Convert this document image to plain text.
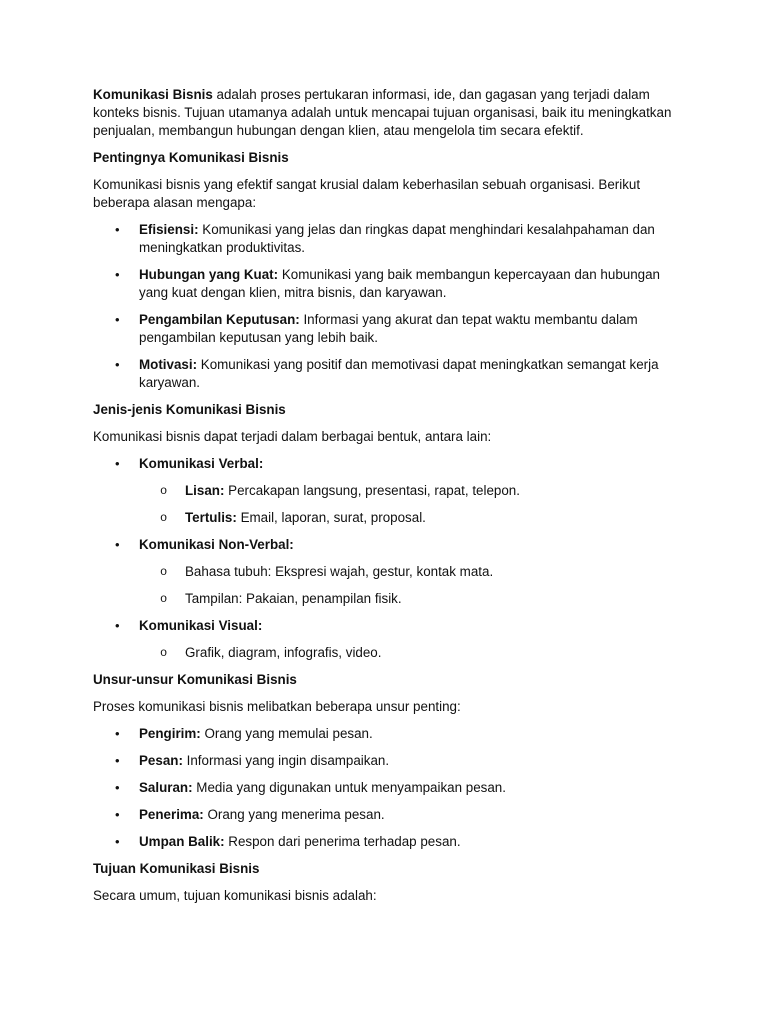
Komunikasi Bisnis adalah proses pertukaran informasi, ide, dan gagasan yang terjadi dalam konteks bisnis. Tujuan utamanya adalah untuk mencapai tujuan organisasi, baik itu meningkatkan penjualan, membangun hubungan dengan klien, atau mengelola tim secara efektif.

Pentingnya Komunikasi Bisnis

Komunikasi bisnis yang efektif sangat krusial dalam keberhasilan sebuah organisasi. Berikut beberapa alasan mengapa:

• Efisiensi: Komunikasi yang jelas dan ringkas dapat menghindari kesalahpahaman dan meningkatkan produktivitas.
• Hubungan yang Kuat: Komunikasi yang baik membangun kepercayaan dan hubungan yang kuat dengan klien, mitra bisnis, dan karyawan.
• Pengambilan Keputusan: Informasi yang akurat dan tepat waktu membantu dalam pengambilan keputusan yang lebih baik.
• Motivasi: Komunikasi yang positif dan memotivasi dapat meningkatkan semangat kerja karyawan.

Jenis-jenis Komunikasi Bisnis

Komunikasi bisnis dapat terjadi dalam berbagai bentuk, antara lain:

• Komunikasi Verbal:
o Lisan: Percakapan langsung, presentasi, rapat, telepon.
o Tertulis: Email, laporan, surat, proposal.
• Komunikasi Non-Verbal:
o Bahasa tubuh: Ekspresi wajah, gestur, kontak mata.
o Tampilan: Pakaian, penampilan fisik.
• Komunikasi Visual:
o Grafik, diagram, infografis, video.

Unsur-unsur Komunikasi Bisnis

Proses komunikasi bisnis melibatkan beberapa unsur penting:

• Pengirim: Orang yang memulai pesan.
• Pesan: Informasi yang ingin disampaikan.
• Saluran: Media yang digunakan untuk menyampaikan pesan.
• Penerima: Orang yang menerima pesan.
• Umpan Balik: Respon dari penerima terhadap pesan.

Tujuan Komunikasi Bisnis

Secara umum, tujuan komunikasi bisnis adalah:
